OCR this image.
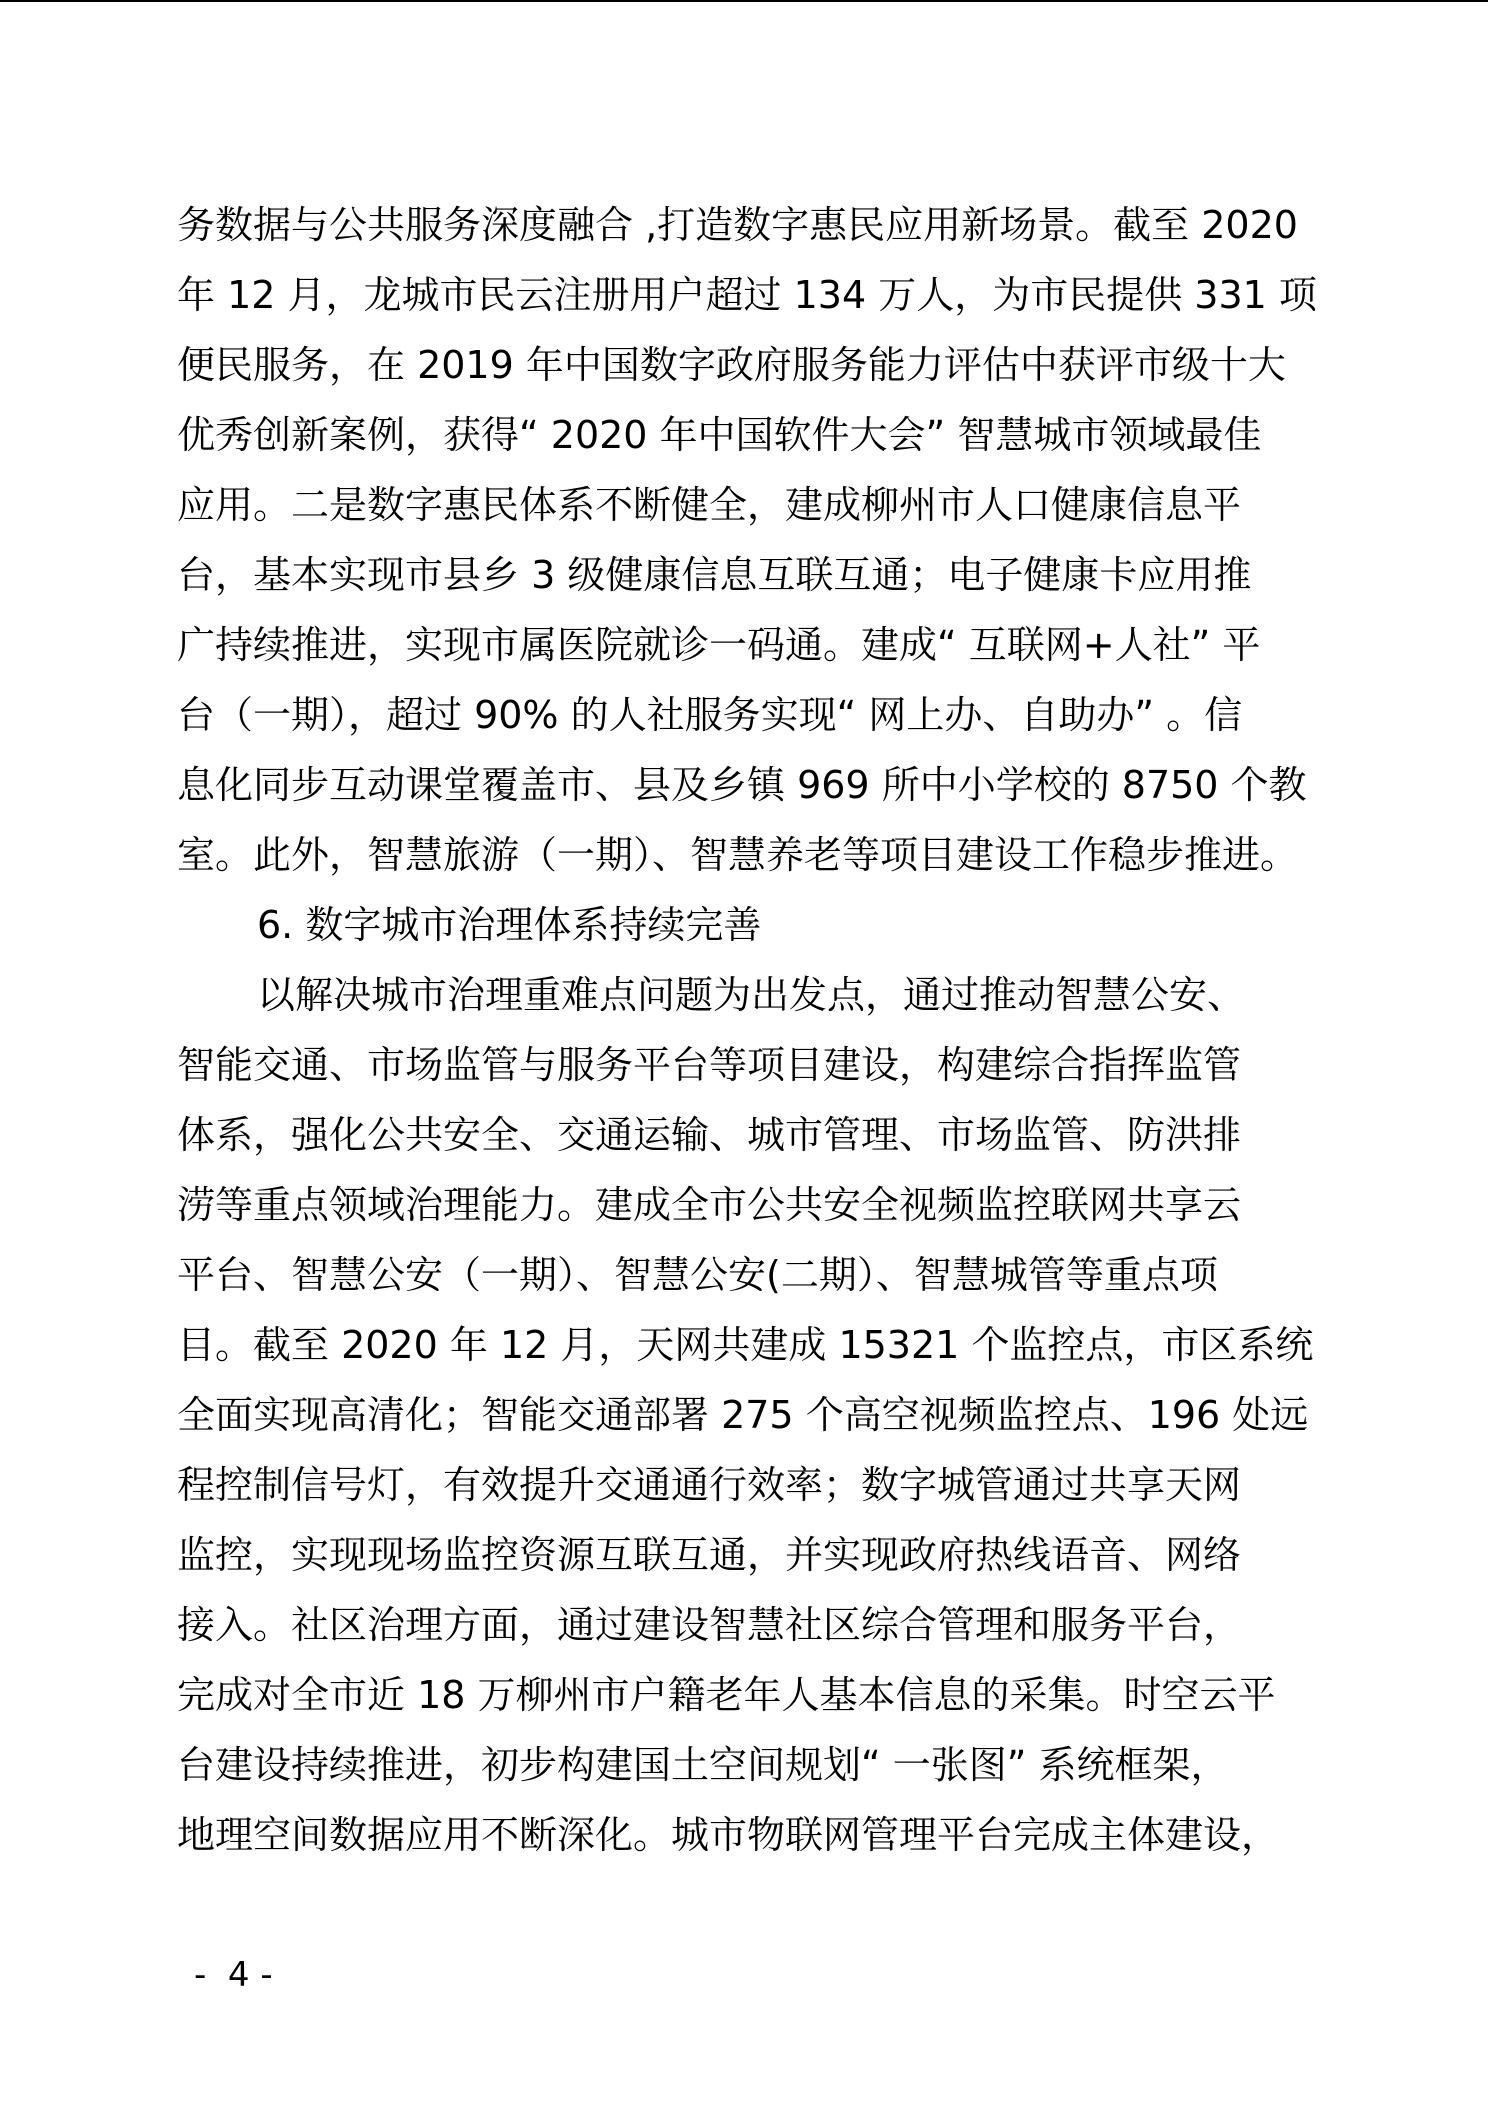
务数据与公共服务深度融合 ,打造数字惠民应用新场景。截至 2020
年 12 月，龙城市民云注册用户超过 134 万人，为市民提供 331 项
便民服务，在 2019 年中国数字政府服务能力评估中获评市级十大
优秀创新案例，获得“ 2020 年中国软件大会” 智慧城市领域最佳
应用。二是数字惠民体系不断健全，建成柳州市人口健康信息平
台，基本实现市县乡 3 级健康信息互联互通；电子健康卡应用推
广持续推进，实现市属医院就诊一码通。建成“ 互联网+人社” 平
台（一期），超过 90% 的人社服务实现“ 网上办、自助办” 。信
息化同步互动课堂覆盖市、县及乡镇 969 所中小学校的 8750 个教
室。此外，智慧旅游（一期）、智慧养老等项目建设工作稳步推进。
6. 数字城市治理体系持续完善
以解决城市治理重难点问题为出发点，通过推动智慧公安、
智能交通、市场监管与服务平台等项目建设，构建综合指挥监管
体系，强化公共安全、交通运输、城市管理、市场监管、防洪排
涝等重点领域治理能力。建成全市公共安全视频监控联网共享云
平台、智慧公安（一期）、智慧公安(二期）、智慧城管等重点项
目。截至 2020 年 12 月，天网共建成 15321 个监控点，市区系统
全面实现高清化；智能交通部署 275 个高空视频监控点、196 处远
程控制信号灯，有效提升交通通行效率；数字城管通过共享天网
监控，实现现场监控资源互联互通，并实现政府热线语音、网络
接入。社区治理方面，通过建设智慧社区综合管理和服务平台，
完成对全市近 18 万柳州市户籍老年人基本信息的采集。时空云平
台建设持续推进，初步构建国土空间规划“ 一张图” 系统框架，
地理空间数据应用不断深化。城市物联网管理平台完成主体建设，
-  4 -
